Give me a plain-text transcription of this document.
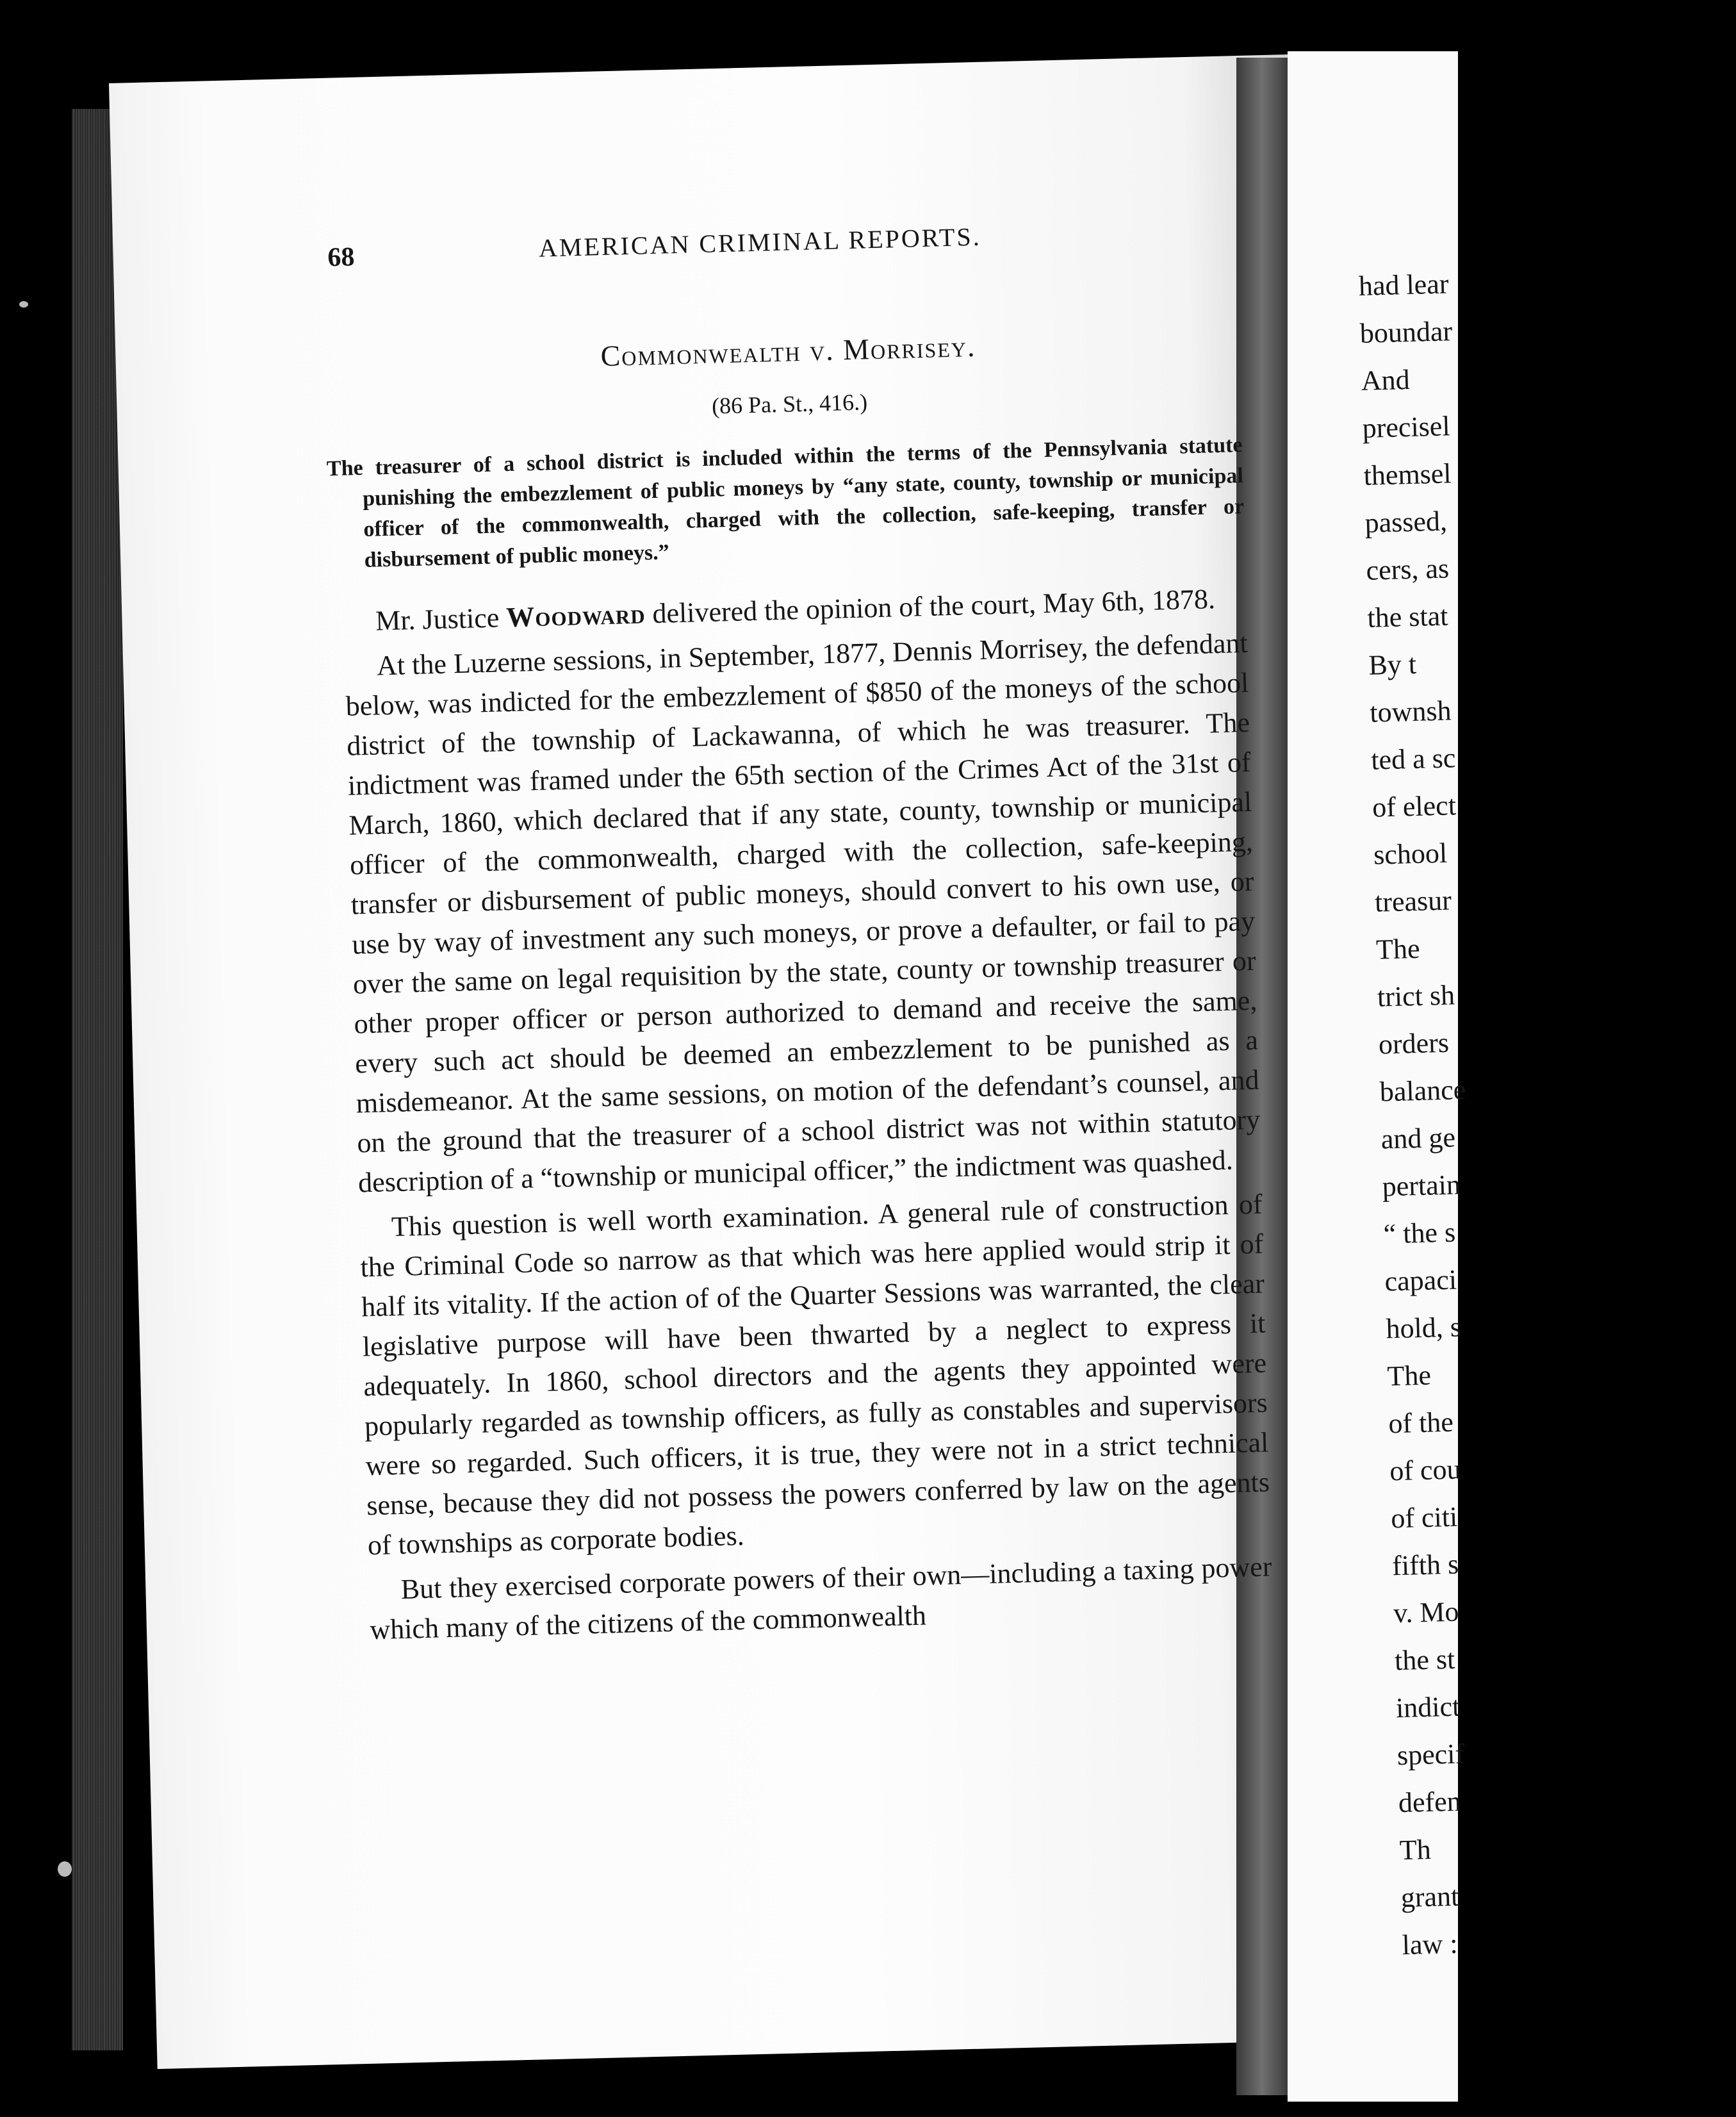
had lear
boundar
And
precisel
themsel
passed,
cers, as
the stat
By t
townsh
ted a sc
of elect
school
treasur
The
trict sh
orders
balance
and ge
pertain
“ the s
capaci
hold, s
The
of the
of cou
of citi
fifth s
v. Mo
the st
indict
specif
defen
Th
grant
law :
68	AMERICAN CRIMINAL REPORTS.
Commonwealth v. Morrisey.
(86 Pa. St., 416.)
The treasurer of a school district is included within the terms of the Pennsylvania statute punishing the embezzlement of public moneys by “any state, county, township or municipal officer of the commonwealth, charged with the collection, safe-keeping, transfer or disbursement of public moneys.”

Mr. Justice Woodward delivered the opinion of the court, May 6th, 1878.

At the Luzerne sessions, in September, 1877, Dennis Morrisey, the defendant below, was indicted for the embezzlement of $850 of the moneys of the school district of the township of Lackawanna, of which he was treasurer. The indictment was framed under the 65th section of the Crimes Act of the 31st of March, 1860, which declared that if any state, county, township or municipal officer of the commonwealth, charged with the collection, safe-keeping, transfer or disbursement of public moneys, should convert to his own use, or use by way of investment any such moneys, or prove a defaulter, or fail to pay over the same on legal requisition by the state, county or township treasurer or other proper officer or person authorized to demand and receive the same, every such act should be deemed an embezzlement to be punished as a misdemeanor. At the same sessions, on motion of the defendant’s counsel, and on the ground that the treasurer of a school district was not within statutory description of a “township or municipal officer,” the indictment was quashed.

This question is well worth examination. A general rule of construction of the Criminal Code so narrow as that which was here applied would strip it of half its vitality. If the action of of the Quarter Sessions was warranted, the clear legislative purpose will have been thwarted by a neglect to express it adequately. In 1860, school directors and the agents they appointed were popularly regarded as township officers, as fully as constables and supervisors were so regarded. Such officers, it is true, they were not in a strict technical sense, because they did not possess the powers conferred by law on the agents of townships as corporate bodies.

But they exercised corporate powers of their own—including a taxing power which many of the citizens of the commonwealth
